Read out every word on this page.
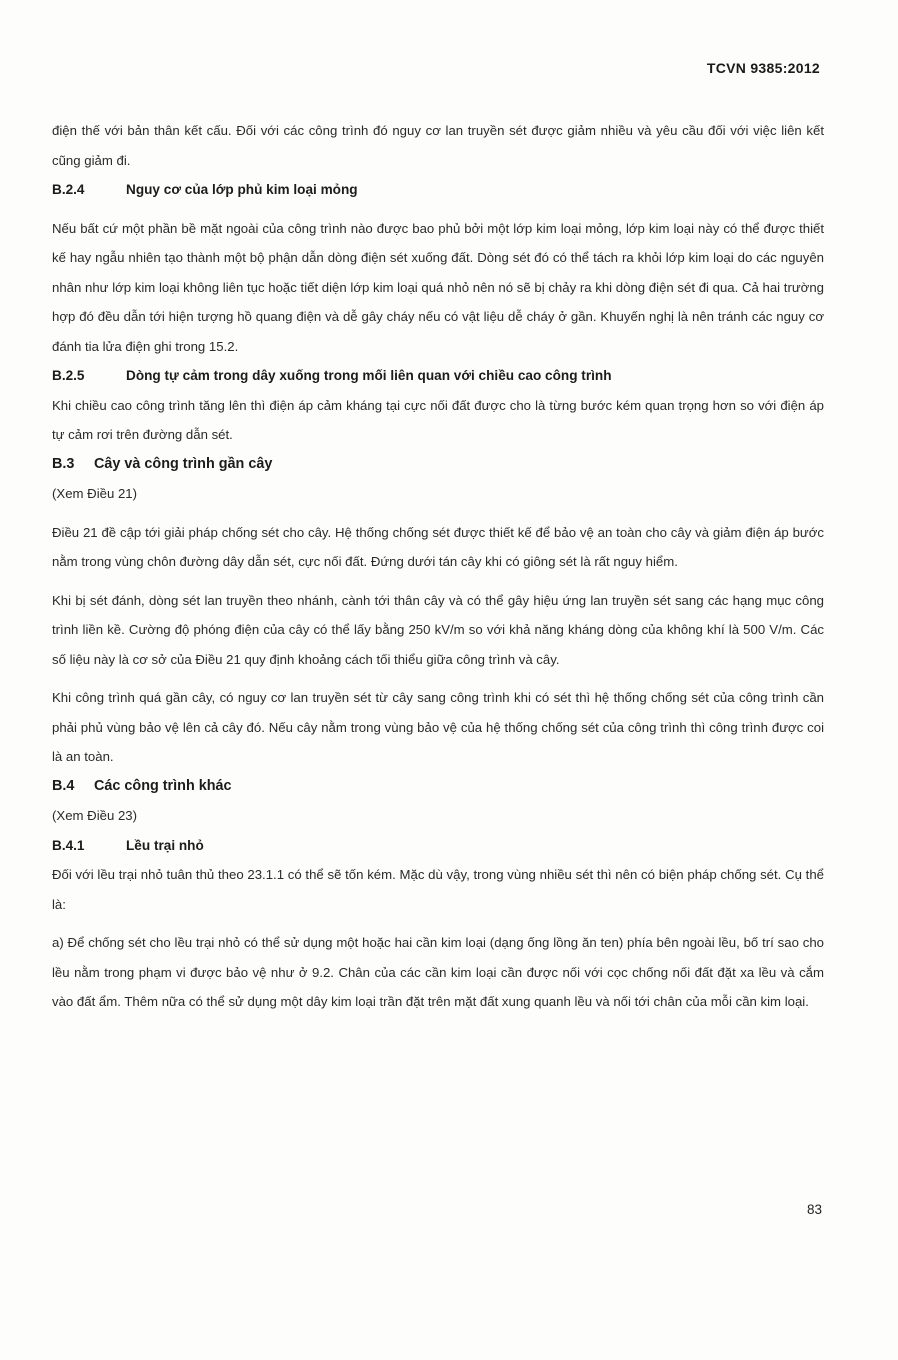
TCVN 9385:2012

điện thế với bản thân kết cấu. Đối với các công trình đó nguy cơ lan truyền sét được giảm nhiều và yêu cầu đối với việc liên kết cũng giảm đi.

B.2.4	Nguy cơ của lớp phủ kim loại mỏng

Nếu bất cứ một phần bề mặt ngoài của công trình nào được bao phủ bởi một lớp kim loại mỏng, lớp kim loại này có thể được thiết kế hay ngẫu nhiên tạo thành một bộ phận dẫn dòng điện sét xuống đất. Dòng sét đó có thể tách ra khỏi lớp kim loại do các nguyên nhân như lớp kim loại không liên tục hoặc tiết diện lớp kim loại quá nhỏ nên nó sẽ bị chảy ra khi dòng điện sét đi qua. Cả hai trường hợp đó đều dẫn tới hiện tượng hồ quang điện và dễ gây cháy nếu có vật liệu dễ cháy ở gần. Khuyến nghị là nên tránh các nguy cơ đánh tia lửa điện ghi trong 15.2.

B.2.5	Dòng tự cảm trong dây xuống trong mối liên quan với chiều cao công trình

Khi chiều cao công trình tăng lên thì điện áp cảm kháng tại cực nối đất được cho là từng bước kém quan trọng hơn so với điện áp tự cảm rơi trên đường dẫn sét.

B.3 Cây và công trình gần cây

(Xem Điều 21)

Điều 21 đề cập tới giải pháp chống sét cho cây. Hệ thống chống sét được thiết kế để bảo vệ an toàn cho cây và giảm điện áp bước nằm trong vùng chôn đường dây dẫn sét, cực nối đất. Đứng dưới tán cây khi có giông sét là rất nguy hiểm.

Khi bị sét đánh, dòng sét lan truyền theo nhánh, cành tới thân cây và có thể gây hiệu ứng lan truyền sét sang các hạng mục công trình liền kề. Cường độ phóng điện của cây có thể lấy bằng 250 kV/m so với khả năng kháng dòng của không khí là 500 V/m. Các số liệu này là cơ sở của Điều 21 quy định khoảng cách tối thiểu giữa công trình và cây.

Khi công trình quá gần cây, có nguy cơ lan truyền sét từ cây sang công trình khi có sét thì hệ thống chống sét của công trình cần phải phủ vùng bảo vệ lên cả cây đó. Nếu cây nằm trong vùng bảo vệ của hệ thống chống sét của công trình thì công trình được coi là an toàn.

B.4 Các công trình khác

(Xem Điều 23)

B.4.1	Lều trại nhỏ

Đối với lều trại nhỏ tuân thủ theo 23.1.1 có thể sẽ tốn kém. Mặc dù vậy, trong vùng nhiều sét thì nên có biện pháp chống sét. Cụ thể là:

a) Để chống sét cho lều trại nhỏ có thể sử dụng một hoặc hai cần kim loại (dạng ống lồng ăn ten) phía bên ngoài lều, bố trí sao cho lều nằm trong phạm vi được bảo vệ như ở 9.2. Chân của các cần kim loại cần được nối với cọc chống nối đất đặt xa lều và cắm vào đất ẩm. Thêm nữa có thể sử dụng một dây kim loại trần đặt trên mặt đất xung quanh lều và nối tới chân của mỗi cần kim loại.

83
